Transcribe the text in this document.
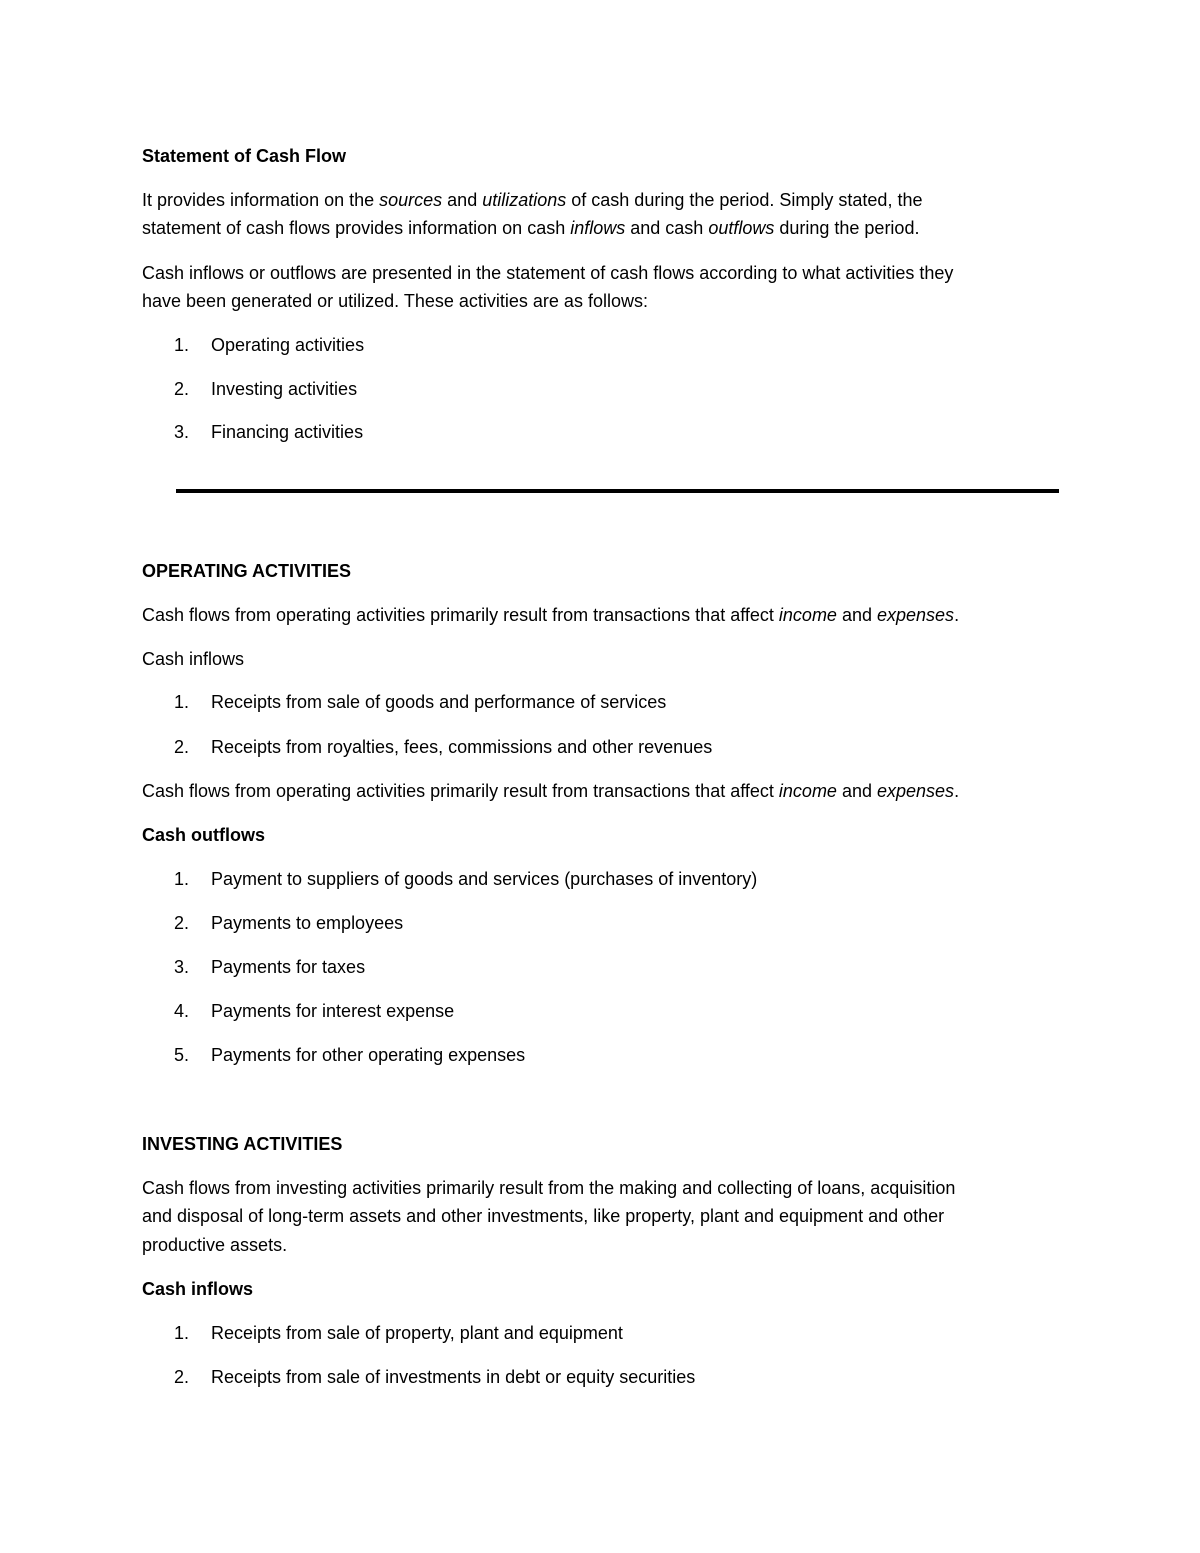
Statement of Cash Flow
It provides information on the sources and utilizations of cash during the period. Simply stated, the
statement of cash flows provides information on cash inflows and cash outflows during the period.
Cash inflows or outflows are presented in the statement of cash flows according to what activities they
have been generated or utilized. These activities are as follows:
1. Operating activities
2. Investing activities
3. Financing activities
OPERATING ACTIVITIES
Cash flows from operating activities primarily result from transactions that affect income and expenses.
Cash inflows
1. Receipts from sale of goods and performance of services
2. Receipts from royalties, fees, commissions and other revenues
Cash flows from operating activities primarily result from transactions that affect income and expenses.
Cash outflows
1. Payment to suppliers of goods and services (purchases of inventory)
2. Payments to employees
3. Payments for taxes
4. Payments for interest expense
5. Payments for other operating expenses
INVESTING ACTIVITIES
Cash flows from investing activities primarily result from the making and collecting of loans, acquisition
and disposal of long-term assets and other investments, like property, plant and equipment and other
productive assets.
Cash inflows
1. Receipts from sale of property, plant and equipment
2. Receipts from sale of investments in debt or equity securities
